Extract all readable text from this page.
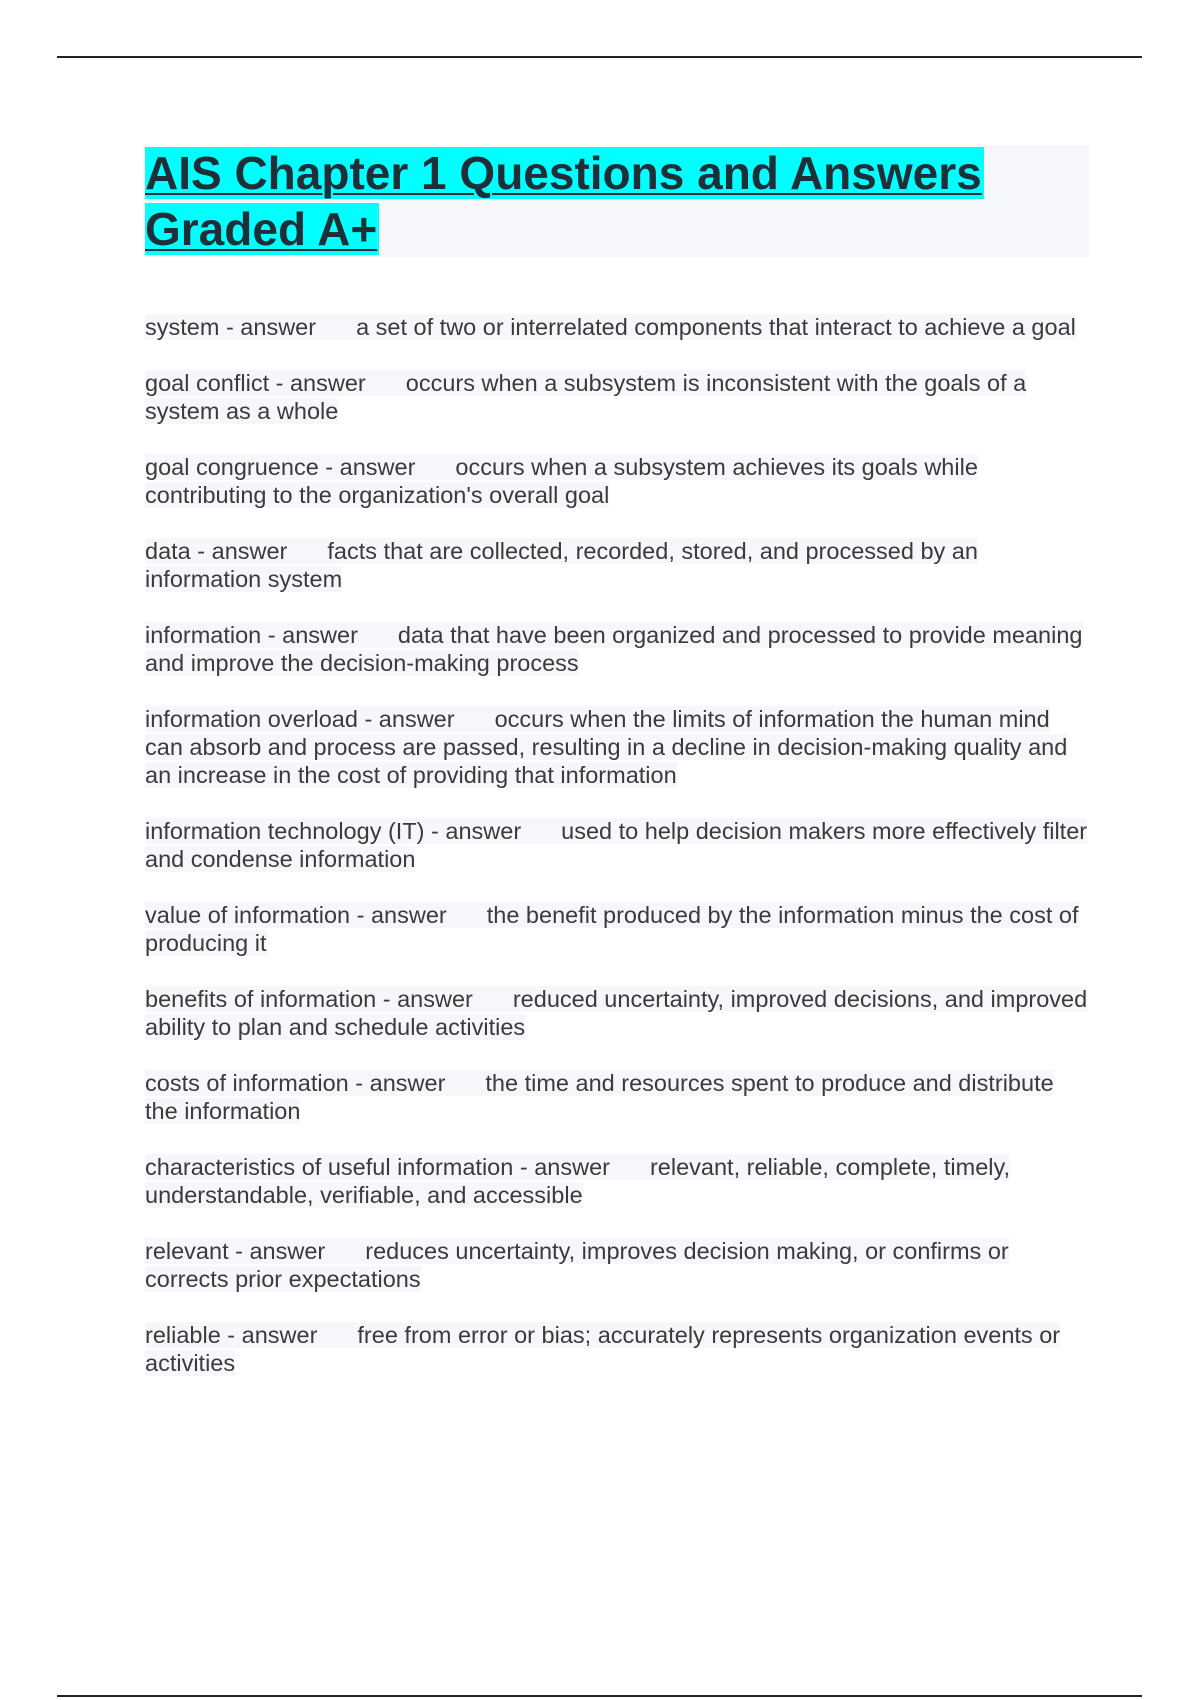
AIS Chapter 1 Questions and Answers Graded A+
system - answer a set of two or interrelated components that interact to achieve a goal
goal conflict - answer occurs when a subsystem is inconsistent with the goals of a system as a whole
goal congruence - answer occurs when a subsystem achieves its goals while contributing to the organization's overall goal
data - answer facts that are collected, recorded, stored, and processed by an information system
information - answer data that have been organized and processed to provide meaning and improve the decision-making process
information overload - answer occurs when the limits of information the human mind can absorb and process are passed, resulting in a decline in decision-making quality and an increase in the cost of providing that information
information technology (IT) - answer used to help decision makers more effectively filter and condense information
value of information - answer the benefit produced by the information minus the cost of producing it
benefits of information - answer reduced uncertainty, improved decisions, and improved ability to plan and schedule activities
costs of information - answer the time and resources spent to produce and distribute the information
characteristics of useful information - answer relevant, reliable, complete, timely, understandable, verifiable, and accessible
relevant - answer reduces uncertainty, improves decision making, or confirms or corrects prior expectations
reliable - answer free from error or bias; accurately represents organization events or activities
